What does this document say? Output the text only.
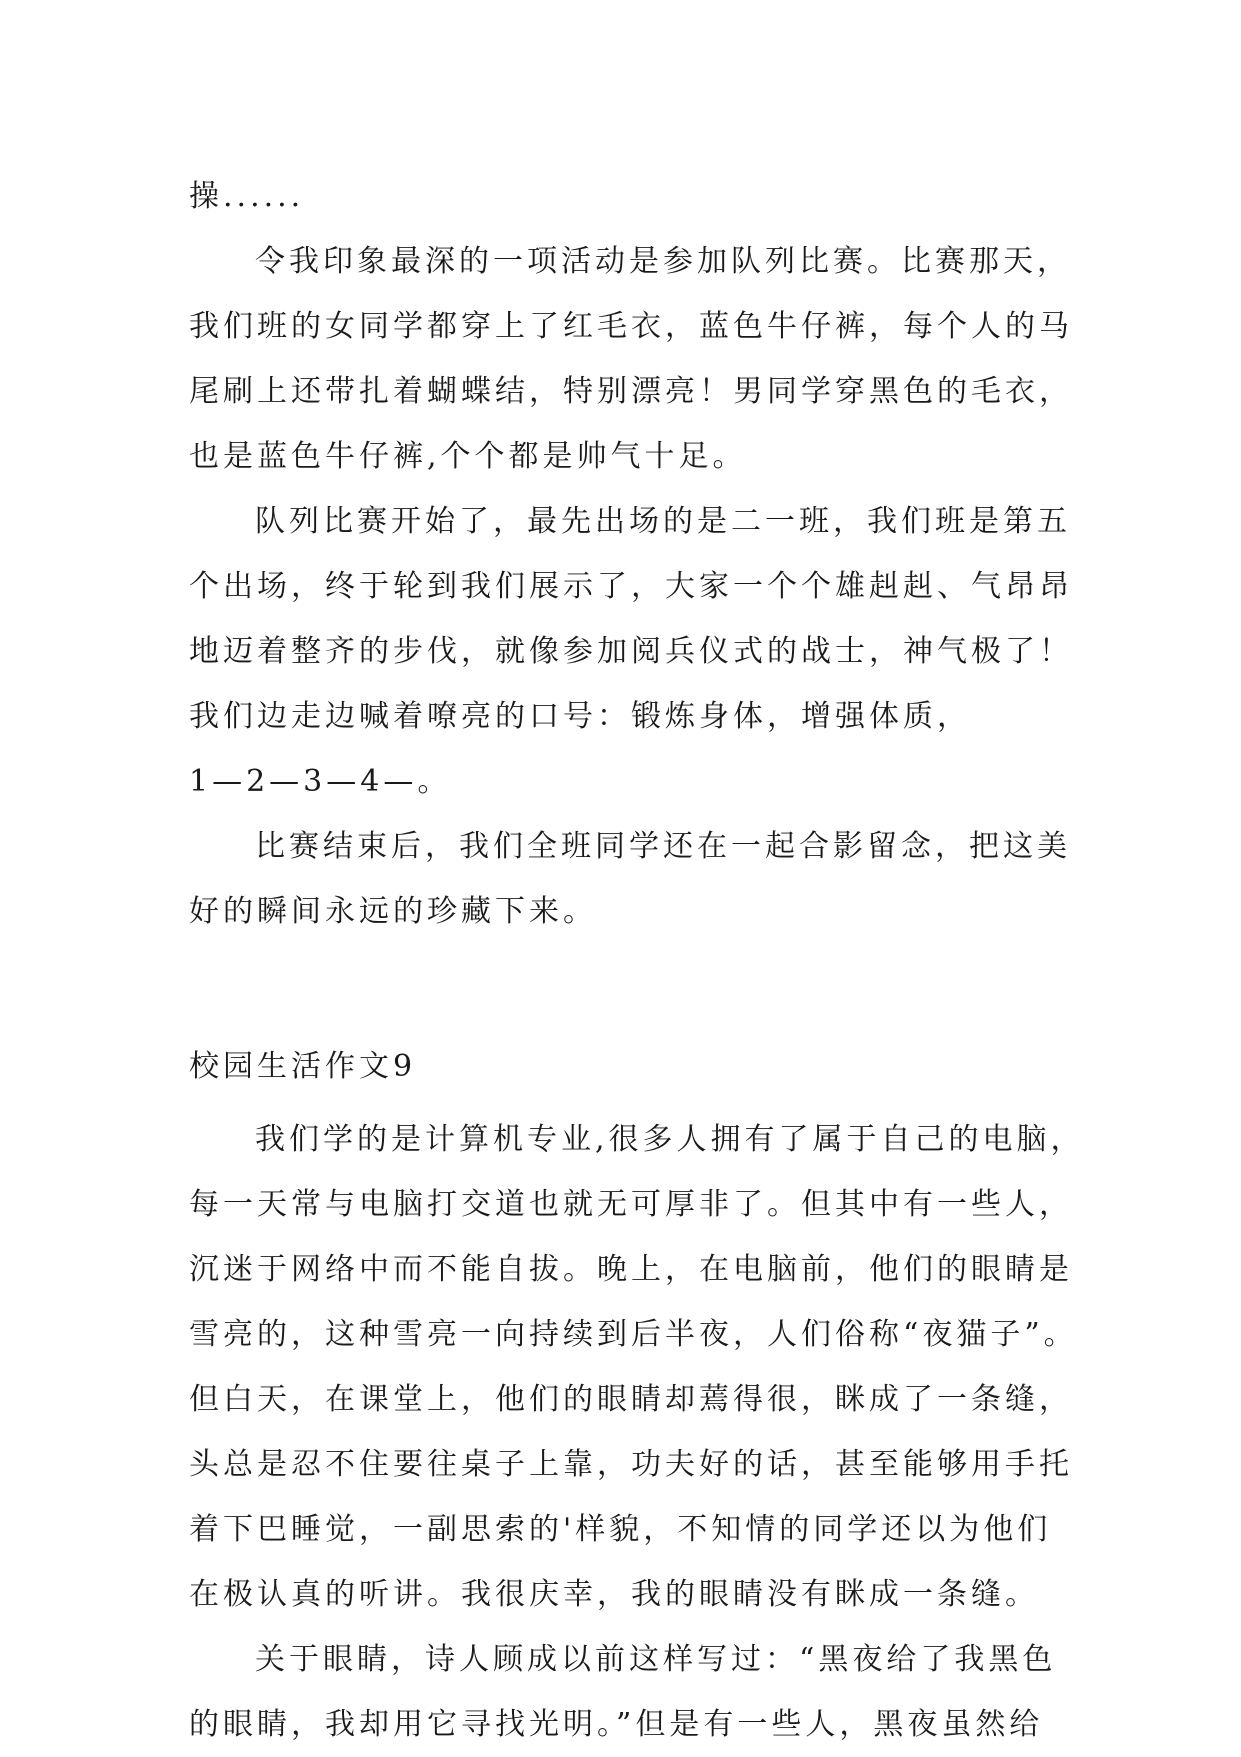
操......
令我印象最深的一项活动是参加队列比赛。比赛那天，
我们班的女同学都穿上了红毛衣，蓝色牛仔裤，每个人的马
尾刷上还带扎着蝴蝶结，特别漂亮！男同学穿黑色的毛衣，
也是蓝色牛仔裤,个个都是帅气十足。
队列比赛开始了，最先出场的是二一班，我们班是第五
个出场，终于轮到我们展示了，大家一个个雄赳赳、气昂昂
地迈着整齐的步伐，就像参加阅兵仪式的战士，神气极了！
我们边走边喊着嘹亮的口号：锻炼身体，增强体质，
1—2—3—4—。
比赛结束后，我们全班同学还在一起合影留念，把这美
好的瞬间永远的珍藏下来。
校园生活作文9
我们学的是计算机专业,很多人拥有了属于自己的电脑，
每一天常与电脑打交道也就无可厚非了。但其中有一些人，
沉迷于网络中而不能自拔。晚上，在电脑前，他们的眼睛是
雪亮的，这种雪亮一向持续到后半夜，人们俗称“夜猫子”。
但白天，在课堂上，他们的眼睛却蔫得很，眯成了一条缝，
头总是忍不住要往桌子上靠，功夫好的话，甚至能够用手托
着下巴睡觉，一副思索的'样貌，不知情的同学还以为他们
在极认真的听讲。我很庆幸，我的眼睛没有眯成一条缝。
关于眼睛，诗人顾成以前这样写过：“黑夜给了我黑色
的眼睛，我却用它寻找光明。”但是有一些人，黑夜虽然给
